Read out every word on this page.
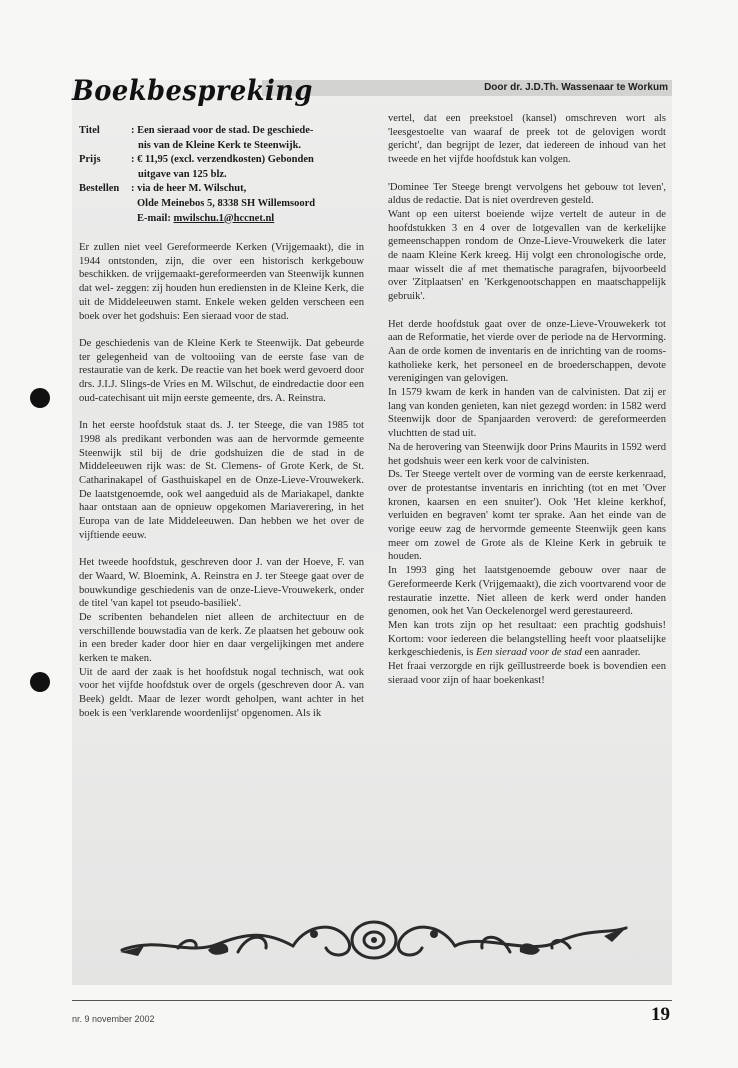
Boekbespreking	Door dr. J.D.Th. Wassenaar te Workum
Titel	: Een sieraad voor de stad. De geschiede-
nis van de Kleine Kerk te Steenwijk.
Prijs	: € 11,95 (excl. verzendkosten) Gebonden
uitgave van 125 blz.
Bestellen	: via de heer M. Wilschut,
Olde Meinebos 5, 8338 SH Willemsoord
E-mail: mwilschu.1@hccnet.nl

Er zullen niet veel Gereformeerde Kerken (Vrijgemaakt), die in 1944 ontstonden, zijn, die over een historisch kerkgebouw beschikken. de vrijgemaakt-gereformeerden van Steenwijk kunnen dat wel- zeggen: zij houden hun erediensten in de Kleine Kerk, die uit de Middeleeuwen stamt. Enkele weken gelden verscheen een boek over het godshuis: Een sieraad voor de stad.

De geschiedenis van de Kleine Kerk te Steenwijk. Dat gebeurde ter gelegenheid van de voltooiing van de eerste fase van de restauratie van de kerk. De reactie van het boek werd gevoerd door drs. J.I.J. Slings-de Vries en M. Wilschut, de eindredactie door een oud-catechisant uit mijn eerste gemeente, drs. A. Reinstra.

In het eerste hoofdstuk staat ds. J. ter Steege, die van 1985 tot 1998 als predikant verbonden was aan de hervormde gemeente Steenwijk stil bij de drie godshuizen die de stad in de Middeleeuwen rijk was: de St. Clemens- of Grote Kerk, de St. Catharinakapel of Gasthuiskapel en de Onze-Lieve-Vrouwekerk. De laatstgenoemde, ook wel aangeduid als de Mariakapel, dankte haar ontstaan aan de opnieuw opgekomen Mariaverering, in het Europa van de late Middeleeuwen. Dan hebben we het over de vijftiende eeuw.

Het tweede hoofdstuk, geschreven door J. van der Hoeve, F. van der Waard, W. Bloemink, A. Reinstra en J. ter Steege gaat over de bouwkundige geschiedenis van de onze-Lieve-Vrouwekerk, onder de titel 'van kapel tot pseudo-basiliek'.

De scribenten behandelen niet alleen de architectuur en de verschillende bouwstadia van de kerk. Ze plaatsen het gebouw ook in een breder kader door hier en daar vergelijkingen met andere kerken te maken.

Uit de aard der zaak is het hoofdstuk nogal technisch, wat ook voor het vijfde hoofdstuk over de orgels (geschreven door A. van Beek) geldt. Maar de lezer wordt geholpen, want achter in het boek is een 'verklarende woordenlijst' opgenomen. Als ik

vertel, dat een preekstoel (kansel) omschreven wort als 'leesgestoelte van waaraf de preek tot de gelovigen wordt gericht', dan begrijpt de lezer, dat iedereen de inhoud van het tweede en het vijfde hoofdstuk kan volgen.

'Dominee Ter Steege brengt vervolgens het gebouw tot leven', aldus de redactie. Dat is niet overdreven gesteld.

Want op een uiterst boeiende wijze vertelt de auteur in de hoofdstukken 3 en 4 over de lotgevallen van de kerkelijke gemeenschappen rondom de Onze-Lieve-Vrouwekerk die later de naam Kleine Kerk kreeg. Hij volgt een chronologische orde, maar wisselt die af met thematische paragrafen, bijvoorbeeld over 'Zitplaatsen' en 'Kerkgenootschappen en maatschappelijk gebruik'.

Het derde hoofdstuk gaat over de onze-Lieve-Vrouwekerk tot aan de Reformatie, het vierde over de periode na de Hervorming. Aan de orde komen de inventaris en de inrichting van de rooms-katholieke kerk, het personeel en de broederschappen, devote verenigingen van gelovigen.

In 1579 kwam de kerk in handen van de calvinisten. Dat zij er lang van konden genieten, kan niet gezegd worden: in 1582 werd Steenwijk door de Spanjaarden veroverd: de gereformeerden vluchtten de stad uit.

Na de herovering van Steenwijk door Prins Maurits in 1592 werd het godshuis weer een kerk voor de calvinisten.

Ds. Ter Steege vertelt over de vorming van de eerste kerkenraad, over de protestantse inventaris en inrichting (tot en met 'Over kronen, kaarsen en een snuiter'). Ook 'Het kleine kerkhof, verluiden en begraven' komt ter sprake. Aan het einde van de vorige eeuw zag de hervormde gemeente Steenwijk geen kans meer om zowel de Grote als de Kleine Kerk in gebruik te houden.

In 1993 ging het laatstgenoemde gebouw over naar de Gereformeerde Kerk (Vrijgemaakt), die zich voortvarend voor de restauratie inzette. Niet alleen de kerk werd onder handen genomen, ook het Van Oeckelenorgel werd gerestaureerd.

Men kan trots zijn op het resultaat: een prachtig godshuis! Kortom: voor iedereen die belangstelling heeft voor plaatselijke kerkgeschiedenis, is Een sieraad voor de stad een aanrader.

Het fraai verzorgde en rijk geïllustreerde boek is bovendien een sieraad voor zijn of haar boekenkast!

nr. 9 november 2002	19
